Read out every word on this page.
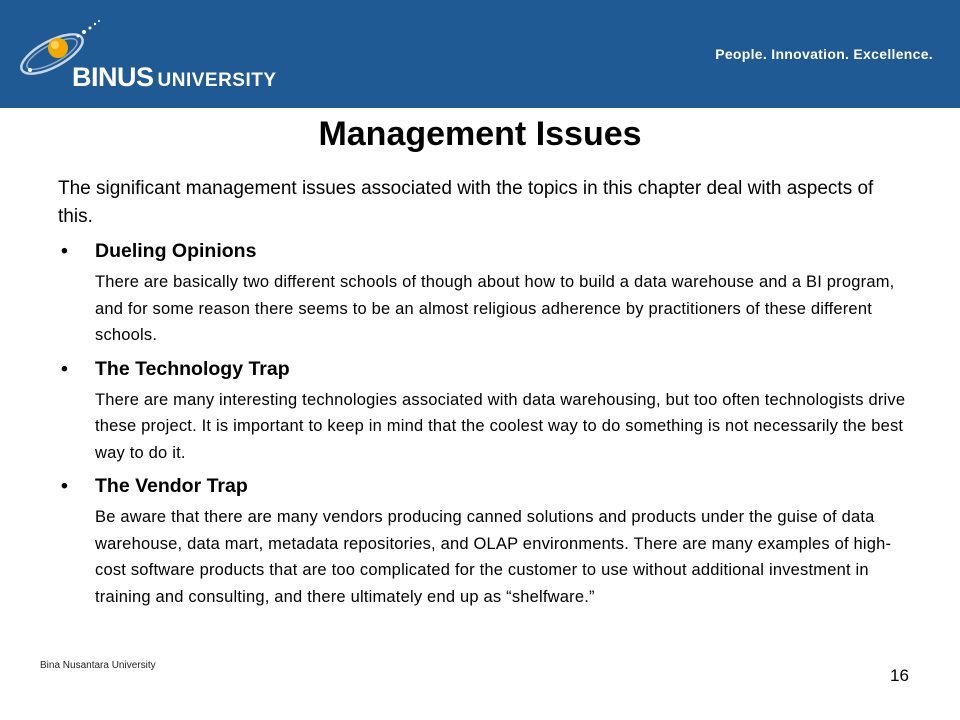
BINUS UNIVERSITY
People. Innovation. Excellence.
Management Issues

The significant management issues associated with the topics in this chapter deal with aspects of this.

•	Dueling Opinions

There are basically two different schools of though about how to build a data warehouse and a BI program, and for some reason there seems to be an almost religious adherence by practitioners of these different schools.

•	The Technology Trap

There are many interesting technologies associated with data warehousing, but too often technologists drive these project. It is important to keep in mind that the coolest way to do something is not necessarily the best way to do it.

•	The Vendor Trap

Be aware that there are many vendors producing canned solutions and products under the guise of data warehouse, data mart, metadata repositories, and OLAP environments. There are many examples of high-cost software products that are too complicated for the customer to use without additional investment in training and consulting, and there ultimately end up as “shelfware.”

Bina Nusantara University
16
